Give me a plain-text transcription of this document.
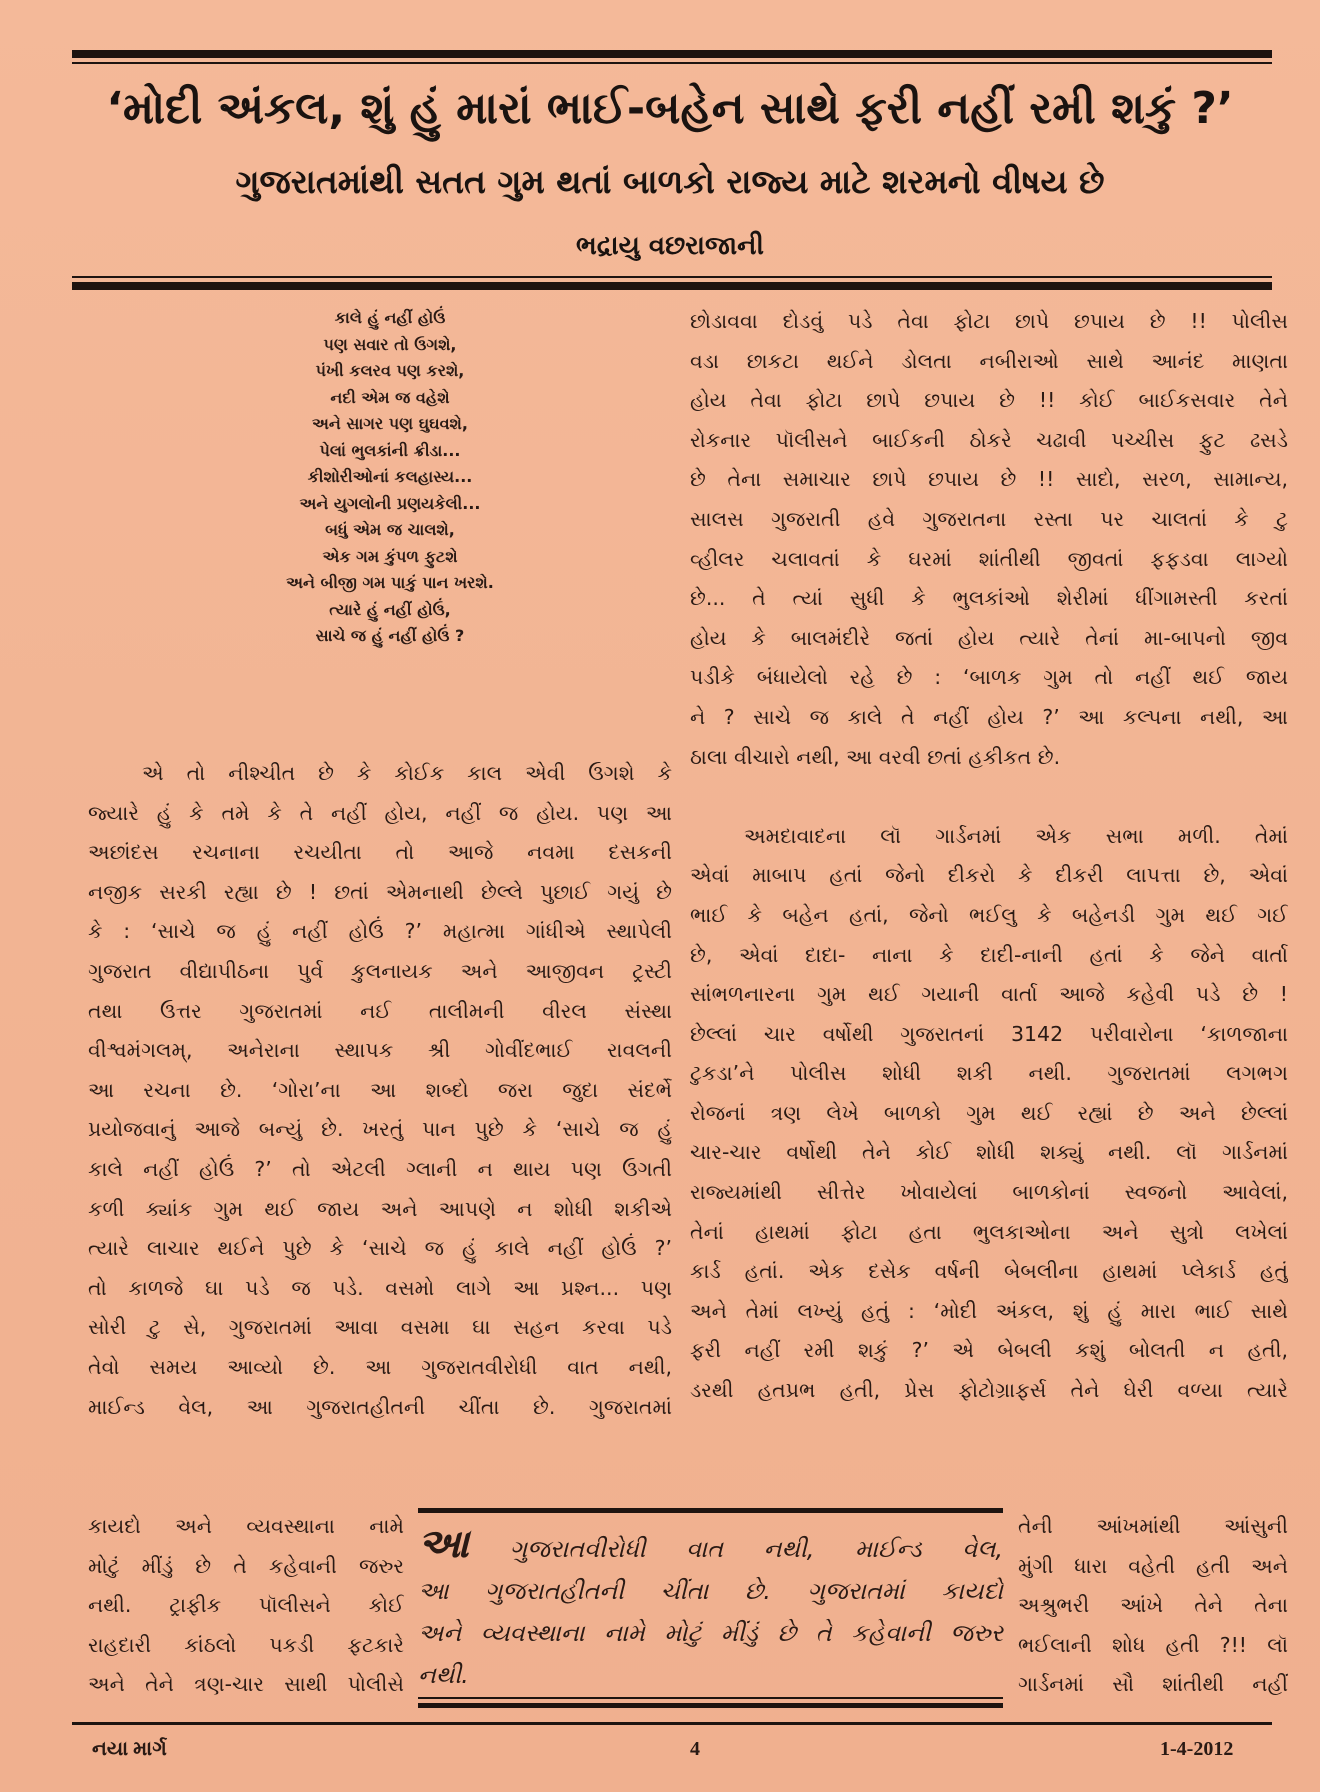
‘મોદી અંકલ, શું હું મારાં ભાઈ-બહેન સાથે ફરી નહીં રમી શકું ?’
ગુજરાતમાંથી સતત ગુમ થતાં બાળકો રાજ્ય માટે શરમનો વીષય છે
ભદ્રાયુ વછરાજાની
કાલે હું નહીં હોઉં
પણ સવાર તો ઉગશે,
પંખી કલરવ પણ કરશે,
નદી એમ જ વહેશે
અને સાગર પણ ઘુઘવશે,
પેલાં ભુલકાંની ક્રીડા...
કીશોરીઓનાં કલહાસ્ય...
અને યુગલોની પ્રણયકેલી...
બધું એમ જ ચાલશે,
એક ગમ કુંપળ ફુટશે
અને બીજી ગમ પાકું પાન ખરશે.
ત્યારે હું નહીં હોઉં,
સાચે જ હું નહીં હોઉં ?
એ તો નીશ્ચીત છે કે કોઈક કાલ એવી ઉગશે કે
જ્યારે હું કે તમે કે તે નહીં હોય, નહીં જ હોય. પણ આ
અછાંદસ રચનાના રચયીતા તો આજે નવમા દસકની
નજીક સરકી રહ્યા છે ! છતાં એમનાથી છેલ્લે પુછાઈ ગયું છે
કે : ‘સાચે જ હું નહીં હોઉં ?’ મહાત્મા ગાંધીએ સ્થાપેલી
ગુજરાત વીદ્યાપીઠના પુર્વ કુલનાયક અને આજીવન ટ્રસ્ટી
તથા ઉત્તર ગુજરાતમાં નઈ તાલીમની વીરલ સંસ્થા
વીશ્વમંગલમ્, અનેરાના સ્થાપક શ્રી ગોવીંદભાઈ રાવલની
આ રચના છે. ‘ગોરા’ના આ શબ્દો જરા જુદા સંદર્ભે
પ્રયોજવાનું આજે બન્યું છે. ખરતું પાન પુછે કે ‘સાચે જ હું
કાલે નહીં હોઉં ?’ તો એટલી ગ્લાની ન થાય પણ ઉગતી
કળી ક્યાંક ગુમ થઈ જાય અને આપણે ન શોધી શકીએ
ત્યારે લાચાર થઈને પુછે કે ‘સાચે જ હું કાલે નહીં હોઉં ?’
તો કાળજે ઘા પડે જ પડે. વસમો લાગે આ પ્રશ્ન... પણ
સોરી ટુ સે, ગુજરાતમાં આવા વસમા ઘા સહન કરવા પડે
તેવો સમય આવ્યો છે. આ ગુજરાતવીરોધી વાત નથી,
માઈન્ડ વેલ, આ ગુજરાતહીતની ચીંતા છે. ગુજરાતમાં
છોડાવવા દોડવું પડે તેવા ફોટા છાપે છપાય છે !! પોલીસ
વડા છાકટા થઈને ડોલતા નબીરાઓ સાથે આનંદ માણતા
હોય તેવા ફોટા છાપે છપાય છે !! કોઈ બાઈકસવાર તેને
રોકનાર પૉલીસને બાઈકની ઠોકરે ચઢાવી પચ્ચીસ ફુટ ઢસડે
છે તેના સમાચાર છાપે છપાય છે !! સાદો, સરળ, સામાન્ય,
સાલસ ગુજરાતી હવે ગુજરાતના રસ્તા પર ચાલતાં કે ટુ
વ્હીલર ચલાવતાં કે ઘરમાં શાંતીથી જીવતાં ફફડવા લાગ્યો
છે... તે ત્યાં સુધી કે ભુલકાંઓ શેરીમાં ધીંગામસ્તી કરતાં
હોય કે બાલમંદીરે જતાં હોય ત્યારે તેનાં મા-બાપનો જીવ
પડીકે બંધાયેલો રહે છે : ‘બાળક ગુમ તો નહીં થઈ જાય
ને ? સાચે જ કાલે તે નહીં હોય ?’ આ કલ્પના નથી, આ
ઠાલા વીચારો નથી, આ વરવી છતાં હકીકત છે.
અમદાવાદના લૉ ગાર્ડનમાં એક સભા મળી. તેમાં
એવાં માબાપ હતાં જેનો દીકરો કે દીકરી લાપત્તા છે, એવાં
ભાઈ કે બહેન હતાં, જેનો ભઈલુ કે બહેનડી ગુમ થઈ ગઈ
છે, એવાં દાદા- નાના કે દાદી-નાની હતાં કે જેને વાર્તા
સાંભળનારના ગુમ થઈ ગયાની વાર્તા આજે કહેવી પડે છે !
છેલ્લાં ચાર વર્ષોથી ગુજરાતનાં 3142 પરીવારોના ‘કાળજાના
ટુકડા’ને પોલીસ શોધી શકી નથી. ગુજરાતમાં લગભગ
રોજનાં ત્રણ લેખે બાળકો ગુમ થઈ રહ્યાં છે અને છેલ્લાં
ચાર-ચાર વર્ષોથી તેને કોઈ શોધી શક્યું નથી. લૉ ગાર્ડનમાં
રાજ્યમાંથી સીત્તેર ખોવાયેલાં બાળકોનાં સ્વજનો આવેલાં,
તેનાં હાથમાં ફોટા હતા ભુલકાઓના અને સુત્રો લખેલાં
કાર્ડ હતાં. એક દસેક વર્ષની બેબલીના હાથમાં પ્લેકાર્ડ હતું
અને તેમાં લખ્યું હતું : ‘મોદી અંકલ, શું હું મારા ભાઈ સાથે
ફરી નહીં રમી શકું ?’ એ બેબલી કશું બોલતી ન હતી,
ડરથી હતપ્રભ હતી, પ્રેસ ફોટોગ્રાફર્સ તેને ઘેરી વળ્યા ત્યારે
કાયદો અને વ્યવસ્થાના નામે
મોટું મીંડું છે તે કહેવાની જરુર
નથી. ટ્રાફીક પૉલીસને કોઈ
રાહદારી કાંઠલો પકડી ફટકારે
અને તેને ત્રણ-ચાર સાથી પોલીસે
આ ગુજરાતવીરોધી વાત નથી, માઈન્ડ વેલ,
આ ગુજરાતહીતની ચીંતા છે. ગુજરાતમાં કાયદો
અને વ્યવસ્થાના નામે મોટું મીંડું છે તે કહેવાની જરુર
નથી.
તેની આંખમાંથી આંસુની
મુંગી ધારા વહેતી હતી અને
અશ્રુભરી આંખે તેને તેના
ભઈલાની શોધ હતી ?!! લૉ
ગાર્ડનમાં સૌ શાંતીથી નહીં
નયા માર્ગ	4	1-4-2012
